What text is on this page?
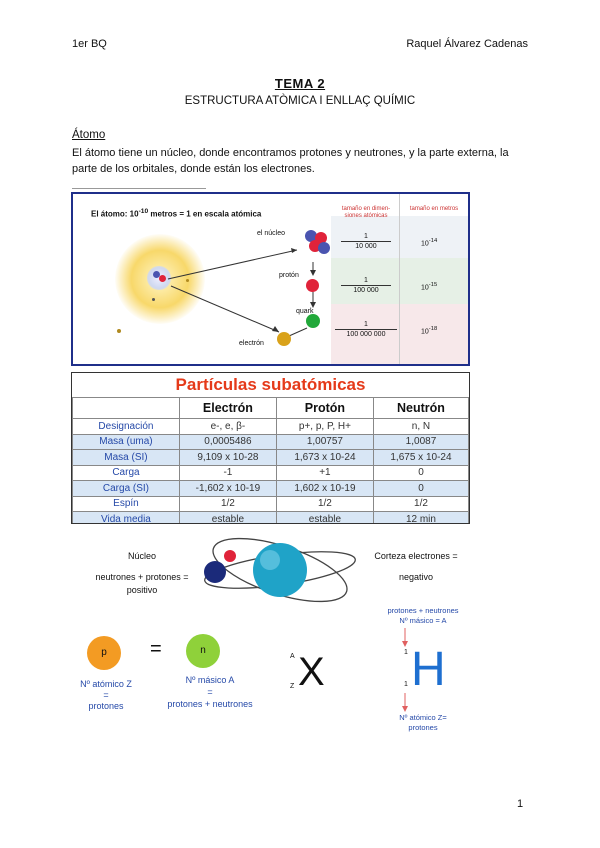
1er BQ	Raquel Álvarez Cadenas
TEMA 2
ESTRUCTURA ATÒMICA I ENLLAÇ QUÍMIC
Átomo
El átomo tiene un núcleo, donde encontramos protones y neutrones, y la parte externa, la parte de los orbitales, donde están los electrones.
El átomo: $10^{-10}$ metros = 1 en escala atómica
tamaño en dimen-siones atómicas
tamaño en metros
el núcleo
protón
quark
electrón
1
10 000	$10^{-14}$
1
100 000	$10^{-15}$
1
100 000 000	$10^{-18}$
Partículas subatómicas
	Electrón	Protón	Neutrón
Designación	e-, e, β-	p+, p, P, H+	n, N
Masa (uma)	0,0005486	1,00757	1,0087
Masa (SI)	9,109 x 10-28	1,673 x 10-24	1,675 x 10-24
Carga	-1	+1	0
Carga (SI)	-1,602 x 10-19	1,602 x 10-19	0
Espín	1/2	1/2	1/2
Vida media	estable	estable	12 min
Núcleo
neutrones + protones =
positivo
Corteza electrones =
negativo
p	=	n
Nº atómico Z
=
protones
Nº másico A
=
protones + neutrones
A
Z X
protones + neutrones
Nº másico = A
1
1 H
Nº atómico Z=
protones
1
